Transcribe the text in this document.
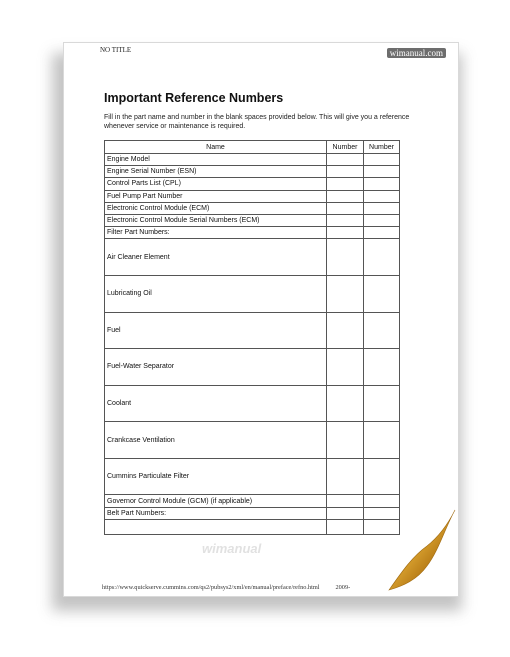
NO TITLE	wimanual.com
Important Reference Numbers

Fill in the part name and number in the blank spaces provided below. This will give you a reference whenever service or maintenance is required.

Name	Number	Number
Engine Model		
Engine Serial Number (ESN)		
Control Parts List (CPL)		
Fuel Pump Part Number		
Electronic Control Module (ECM)		
Electronic Control Module Serial Numbers (ECM)		
Filter Part Numbers:		
Air Cleaner Element		
Lubricating Oil		
Fuel		
Fuel-Water Separator		
Coolant		
Crankcase Ventilation		
Cummins Particulate Filter		
Governor Control Module (GCM) (if applicable)		
Belt Part Numbers:		

wimanual
https://www.quickserve.cummins.com/qs2/pubsys2/xml/en/manual/preface/refno.html	2009-
